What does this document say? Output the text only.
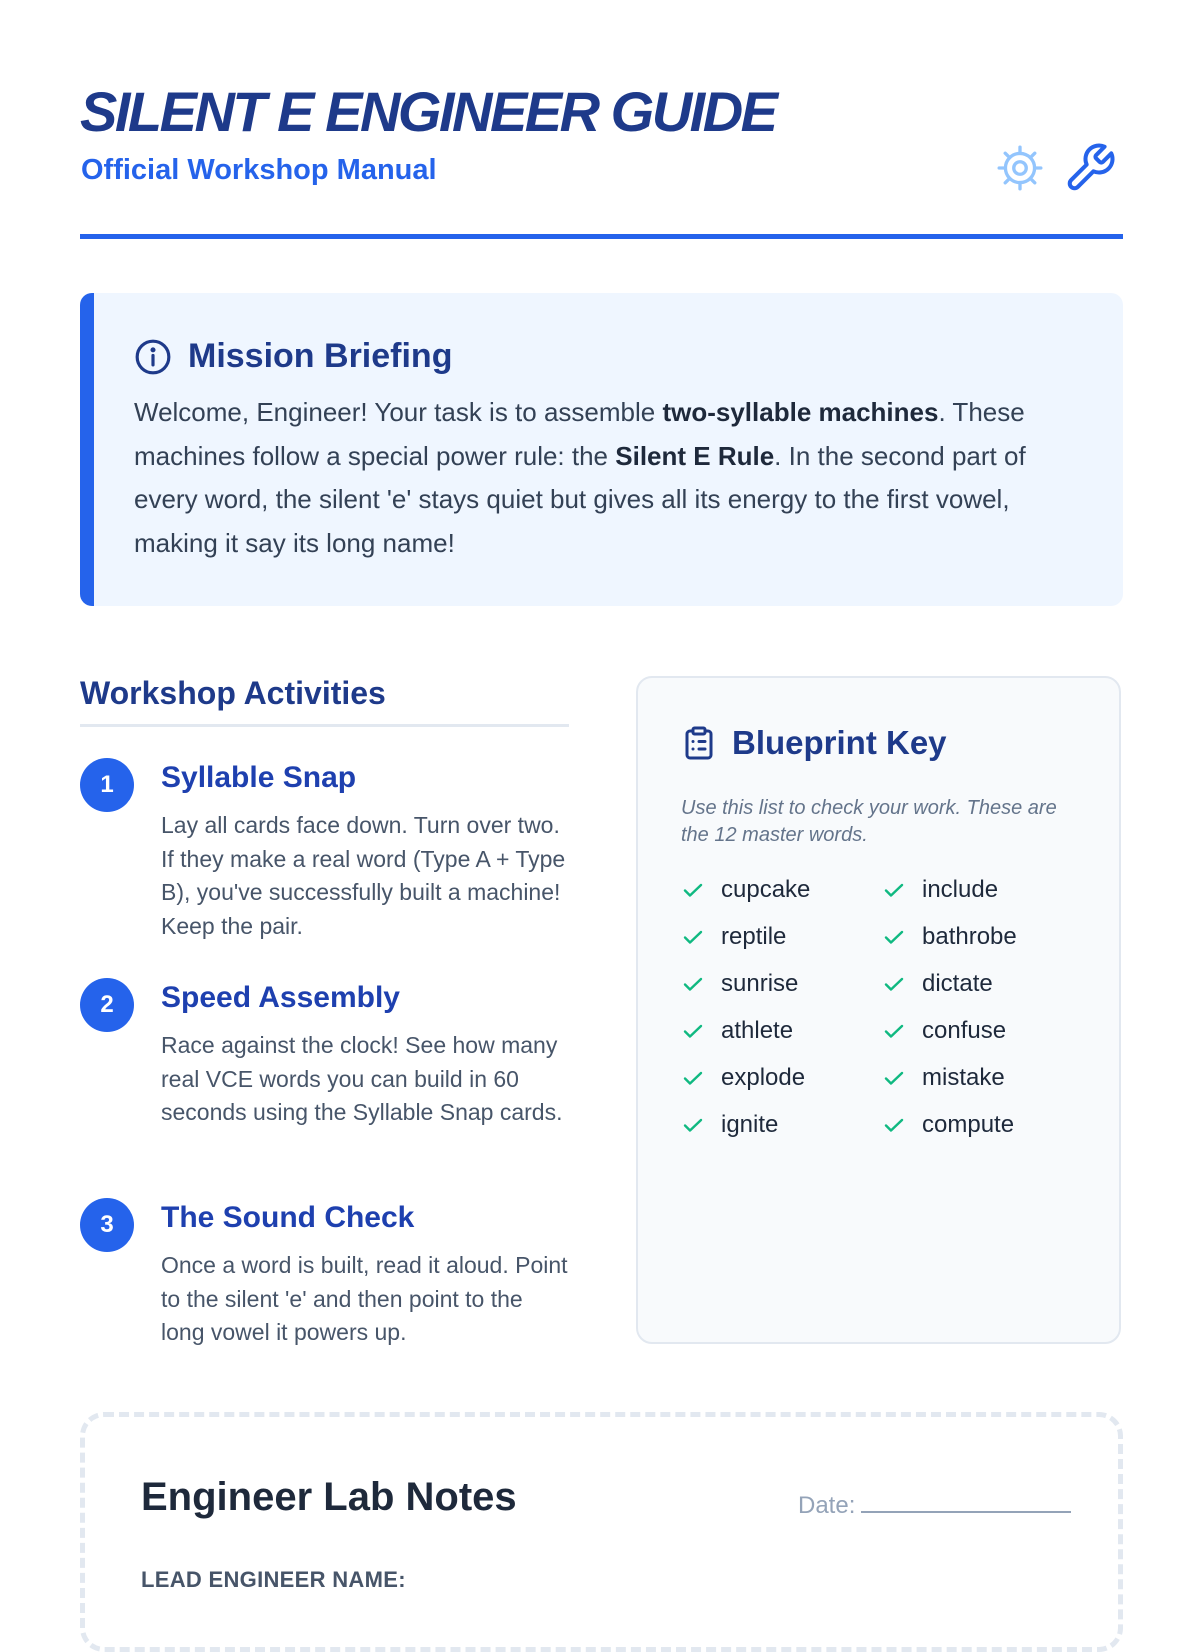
SILENT E ENGINEER GUIDE
Official Workshop Manual
Mission Briefing

Welcome, Engineer! Your task is to assemble two-syllable machines. These machines follow a special power rule: the Silent E Rule. In the second part of every word, the silent 'e' stays quiet but gives all its energy to the first vowel, making it say its long name!

Workshop Activities
1	Syllable Snap
Lay all cards face down. Turn over two. If they make a real word (Type A + Type B), you've successfully built a machine! Keep the pair.
2	Speed Assembly
Race against the clock! See how many real VCE words you can build in 60 seconds using the Syllable Snap cards.
3	The Sound Check
Once a word is built, read it aloud. Point to the silent 'e' and then point to the long vowel it powers up.
Blueprint Key
Use this list to check your work. These are the 12 master words.
cupcake	include
reptile	bathrobe
sunrise	dictate
athlete	confuse
explode	mistake
ignite	compute
Engineer Lab Notes	Date:
LEAD ENGINEER NAME:
